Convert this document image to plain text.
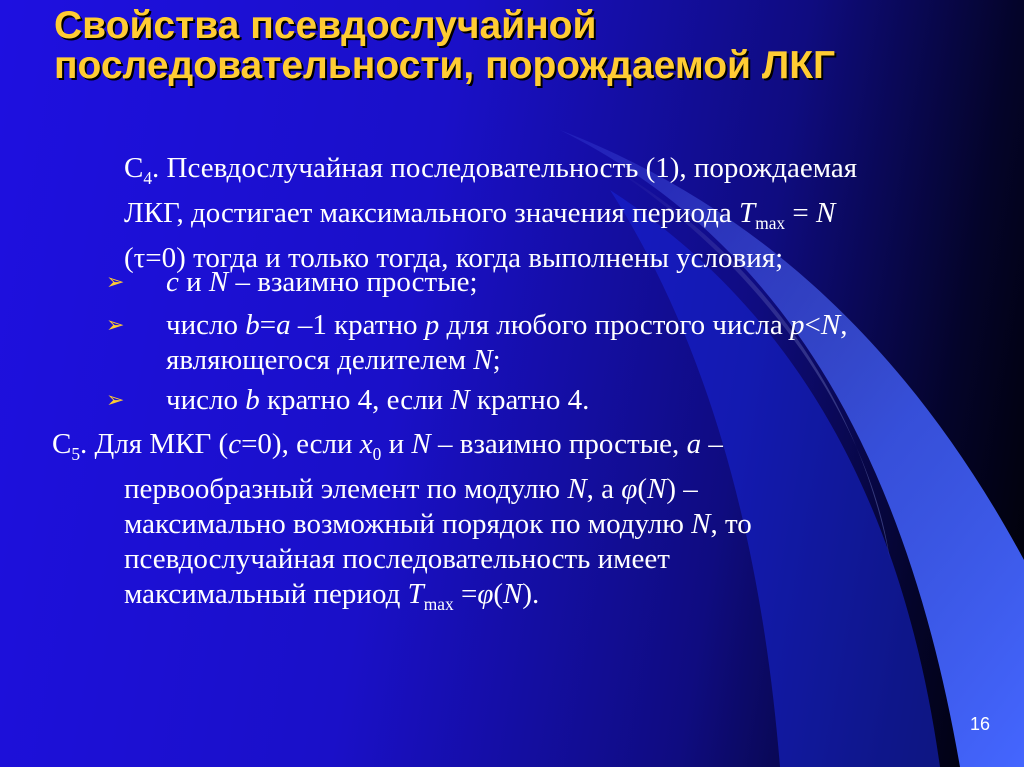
Свойства псевдослучайной последовательности, порождаемой ЛКГ
$C_4$. Псевдослучайная последовательность (1), порождаемая
ЛКГ, достигает максимального значения периода $T_{max} = N$
(τ=0) тогда и только тогда, когда выполнены условия;
➢ c и N – взаимно простые;
➢ число b=a –1 кратно p для любого простого числа p<N,
являющегося делителем N;
➢ число b кратно 4, если N кратно 4.
$C_5$. Для МКГ (c=0), если $x_0$ и N – взаимно простые, a –
первообразный элемент по модулю N, а φ(N) –
максимально возможный порядок по модулю N, то
псевдослучайная последовательность имеет
максимальный период $T_{max} =\varphi(N)$.
16
